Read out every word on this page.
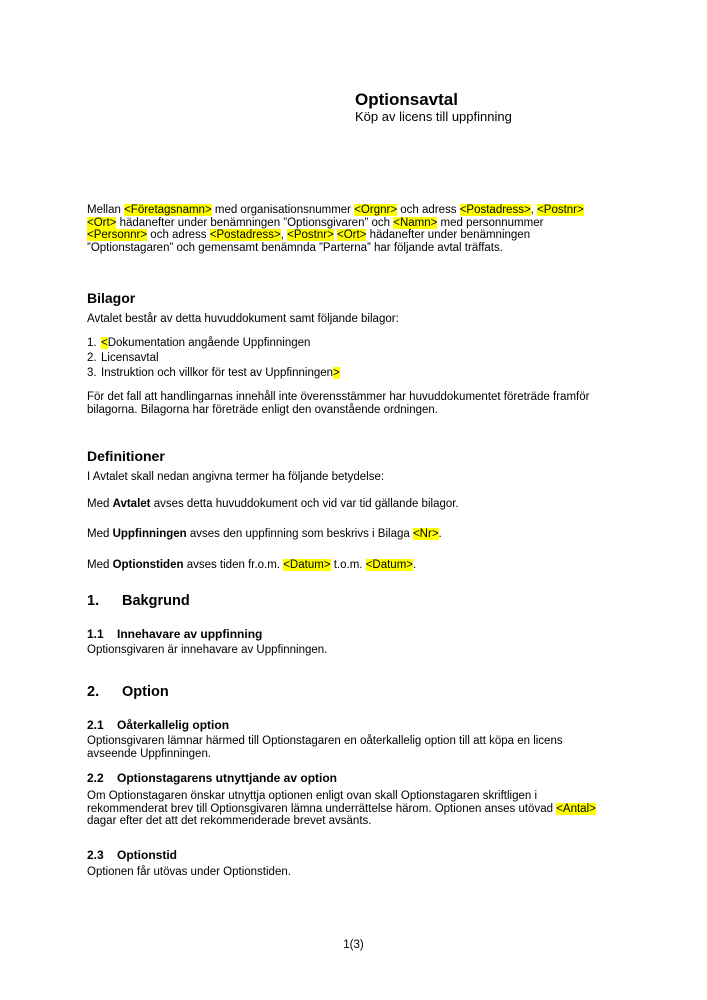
Optionsavtal
Köp av licens till uppfinning

Mellan <Företagsnamn> med organisationsnummer <Orgnr> och adress <Postadress>, <Postnr>
<Ort> hädanefter under benämningen ”Optionsgivaren” och <Namn> med personnummer
<Personnr> och adress <Postadress>, <Postnr> <Ort> hädanefter under benämningen
”Optionstagaren” och gemensamt benämnda ”Parterna” har följande avtal träffats.

Bilagor

Avtalet består av detta huvuddokument samt följande bilagor:

1. <Dokumentation angående Uppfinningen
2. Licensavtal
3. Instruktion och villkor för test av Uppfinningen>

För det fall att handlingarnas innehåll inte överensstämmer har huvuddokumentet företräde framför
bilagorna. Bilagorna har företräde enligt den ovanstående ordningen.

Definitioner

I Avtalet skall nedan angivna termer ha följande betydelse:

Med Avtalet avses detta huvuddokument och vid var tid gällande bilagor.

Med Uppfinningen avses den uppfinning som beskrivs i Bilaga <Nr>.

Med Optionstiden avses tiden fr.o.m. <Datum> t.o.m. <Datum>.

1. Bakgrund
1.1 Innehavare av uppfinning

Optionsgivaren är innehavare av Uppfinningen.

2. Option
2.1 Oåterkallelig option

Optionsgivaren lämnar härmed till Optionstagaren en oåterkallelig option till att köpa en licens
avseende Uppfinningen.

2.2 Optionstagarens utnyttjande av option

Om Optionstagaren önskar utnyttja optionen enligt ovan skall Optionstagaren skriftligen i
rekommenderat brev till Optionsgivaren lämna underrättelse härom. Optionen anses utövad <Antal>
dagar efter det att det rekommenderade brevet avsänts.

2.3 Optionstid

Optionen får utövas under Optionstiden.

1(3)
